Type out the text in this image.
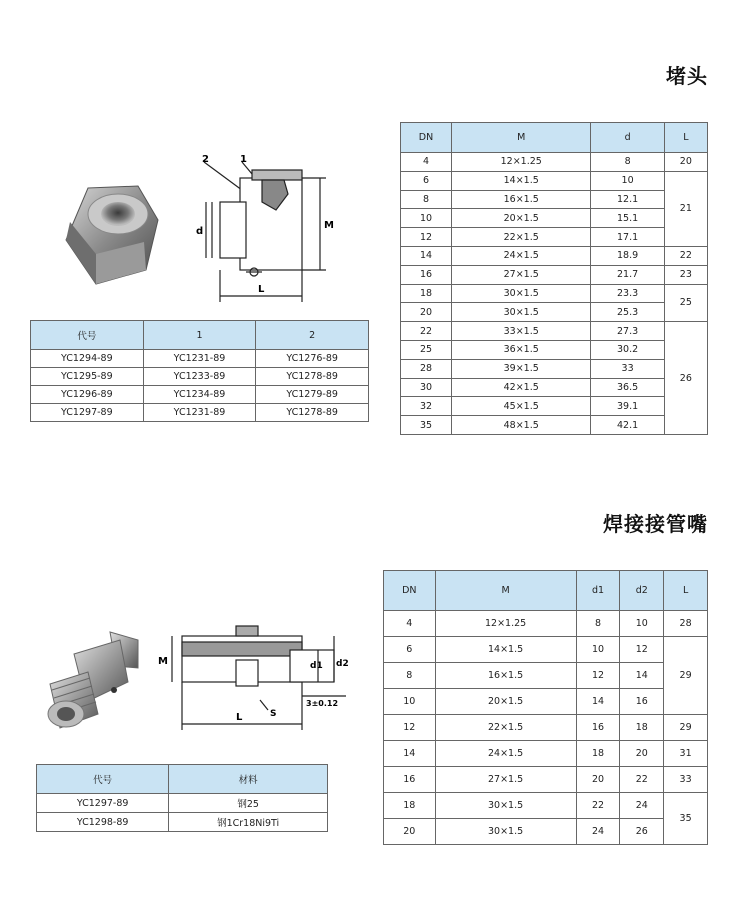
堵头
2	1
d
M
L
代号	1	2
YC1294-89	YC1231-89	YC1276-89
YC1295-89	YC1233-89	YC1278-89
YC1296-89	YC1234-89	YC1279-89
YC1297-89	YC1231-89	YC1278-89
DN	M	d	L
4	12×1.25	8	20
6	14×1.5	10	21
8	16×1.5	12.1	
10	20×1.5	15.1	
12	22×1.5	17.1	
14	24×1.5	18.9	22
16	27×1.5	21.7	23
18	30×1.5	23.3	25
20	30×1.5	25.3	
22	33×1.5	27.3	26
25	36×1.5	30.2	
28	39×1.5	33	
30	42×1.5	36.5	
32	45×1.5	39.1	
35	48×1.5	42.1	
焊接接管嘴
M	d1 d2
L	S
3±0.12
代号	材料
YC1297-89	钢25
YC1298-89	钢1Cr18Ni9Ti
DN	M	d1	d2	L
4	12×1.25	8	10	28
6	14×1.5	10	12	29
8	16×1.5	12	14	
10	20×1.5	14	16	
12	22×1.5	16	18	29
14	24×1.5	18	20	31
16	27×1.5	20	22	33
18	30×1.5	22	24	35
20	30×1.5	24	26	
